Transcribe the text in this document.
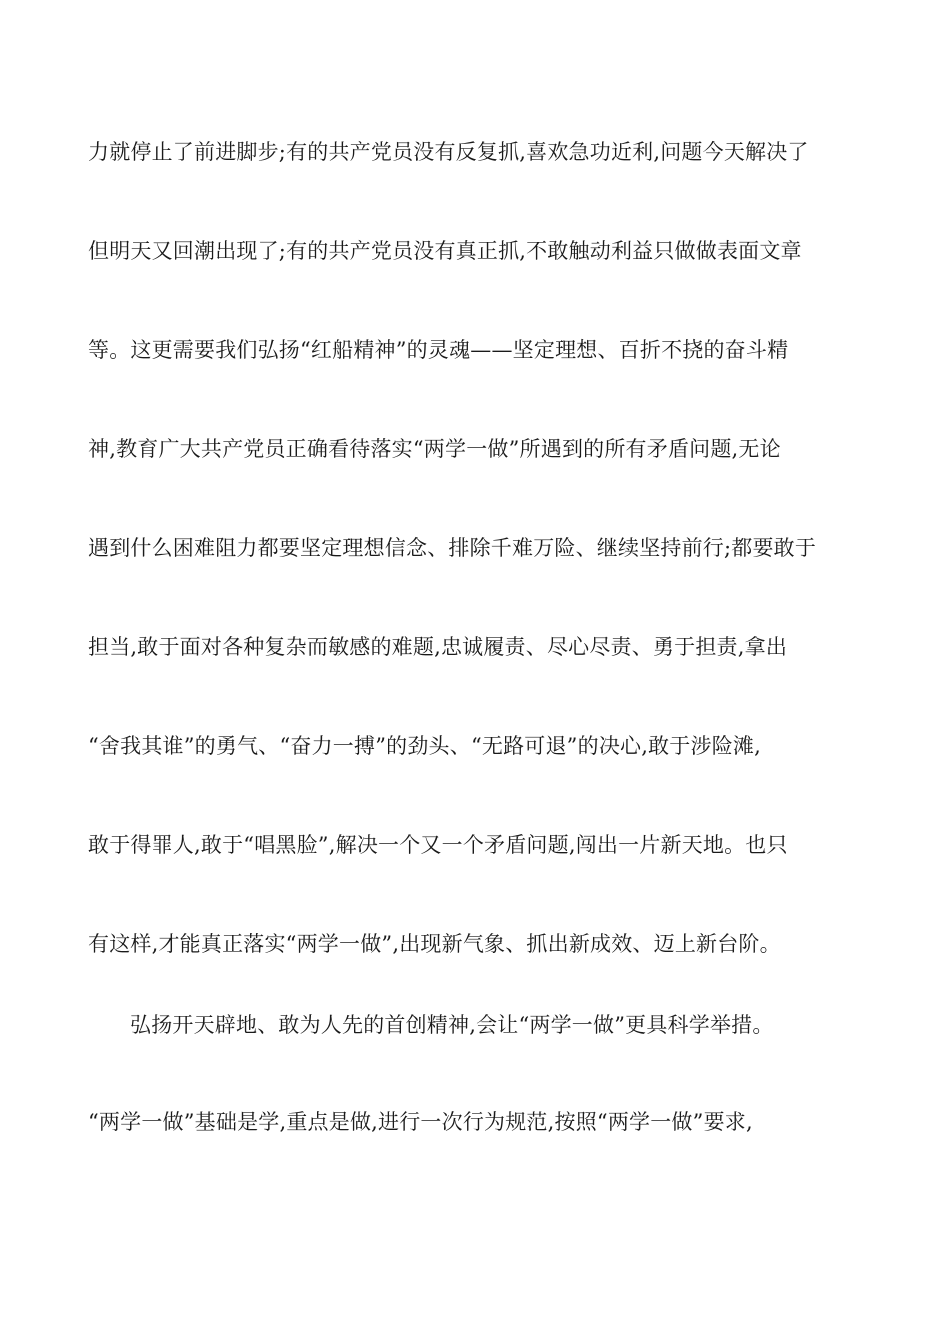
力就停止了前进脚步;有的共产党员没有反复抓,喜欢急功近利,问题今天解决了
但明天又回潮出现了;有的共产党员没有真正抓,不敢触动利益只做做表面文章
等。这更需要我们弘扬“红船精神”的灵魂——坚定理想、百折不挠的奋斗精
神,教育广大共产党员正确看待落实“两学一做”所遇到的所有矛盾问题,无论
遇到什么困难阻力都要坚定理想信念、排除千难万险、继续坚持前行;都要敢于
担当,敢于面对各种复杂而敏感的难题,忠诚履责、尽心尽责、勇于担责,拿出
“舍我其谁”的勇气、“奋力一搏”的劲头、“无路可退”的决心,敢于涉险滩,
敢于得罪人,敢于“唱黑脸”,解决一个又一个矛盾问题,闯出一片新天地。也只
有这样,才能真正落实“两学一做”,出现新气象、抓出新成效、迈上新台阶。
弘扬开天辟地、敢为人先的首创精神,会让“两学一做”更具科学举措。
“两学一做”基础是学,重点是做,进行一次行为规范,按照“两学一做”要求,
